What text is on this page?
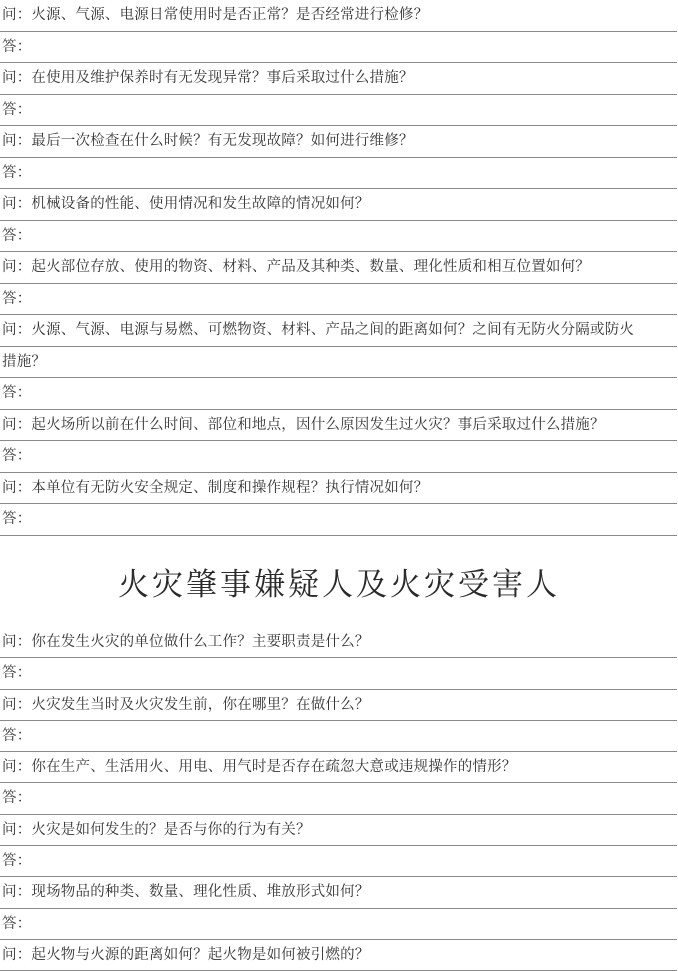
问：火源、气源、电源日常使用时是否正常？是否经常进行检修？
答：
问：在使用及维护保养时有无发现异常？事后采取过什么措施？
答：
问：最后一次检查在什么时候？有无发现故障？如何进行维修？
答：
问：机械设备的性能、使用情况和发生故障的情况如何？
答：
问：起火部位存放、使用的物资、材料、产品及其种类、数量、理化性质和相互位置如何？
答：
问：火源、气源、电源与易燃、可燃物资、材料、产品之间的距离如何？之间有无防火分隔或防火
措施？
答：
问：起火场所以前在什么时间、部位和地点，因什么原因发生过火灾？事后采取过什么措施？
答：
问：本单位有无防火安全规定、制度和操作规程？执行情况如何？
答：
火灾肇事嫌疑人及火灾受害人
问：你在发生火灾的单位做什么工作？主要职责是什么？
答：
问：火灾发生当时及火灾发生前，你在哪里？在做什么？
答：
问：你在生产、生活用火、用电、用气时是否存在疏忽大意或违规操作的情形？
答：
问：火灾是如何发生的？是否与你的行为有关？
答：
问：现场物品的种类、数量、理化性质、堆放形式如何？
答：
问：起火物与火源的距离如何？起火物是如何被引燃的？
